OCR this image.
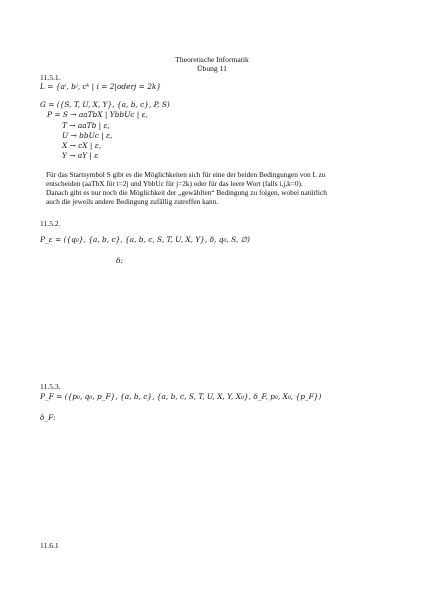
Theoretische Informatik
Übung 11
11.5.1.
L = {aⁱ, bʲ, cᵏ | i = 2|oderj = 2k}
G = ({S, T, U, X, Y}, {a, b, c}, P, S)
P = S → aaTbX | YbbUc | ε,
T → aaTb | ε,
U → bbUc | ε,
X → cX | ε,
Y → aY | ε
Für das Startsymbol S gibt es die Möglichkeiten sich für eine der beiden Bedingungen von L zu
entscheiden (aaTbX für i=2j und YbbUc für j=2k) oder für das leere Wort (falls i,j,k=0).
Danach gibt es nur noch die Möglichkeit der „gewählten“ Bedingung zu folgen, wobei natürlich
auch die jeweils andere Bedingung zufällig zutreffen kann.
11.5.2.
P_ε = ({q₀}, {a, b, c}, {a, b, c, S, T, U, X, Y}, δ, q₀, S, ∅)
δ:
11.5.3.
P_F = ({p₀, q₀, p_F}, {a, b, c}, {a, b, c, S, T, U, X, Y, X₀}, δ_F, p₀, X₀, {p_F})
δ_F:
11.6.1
